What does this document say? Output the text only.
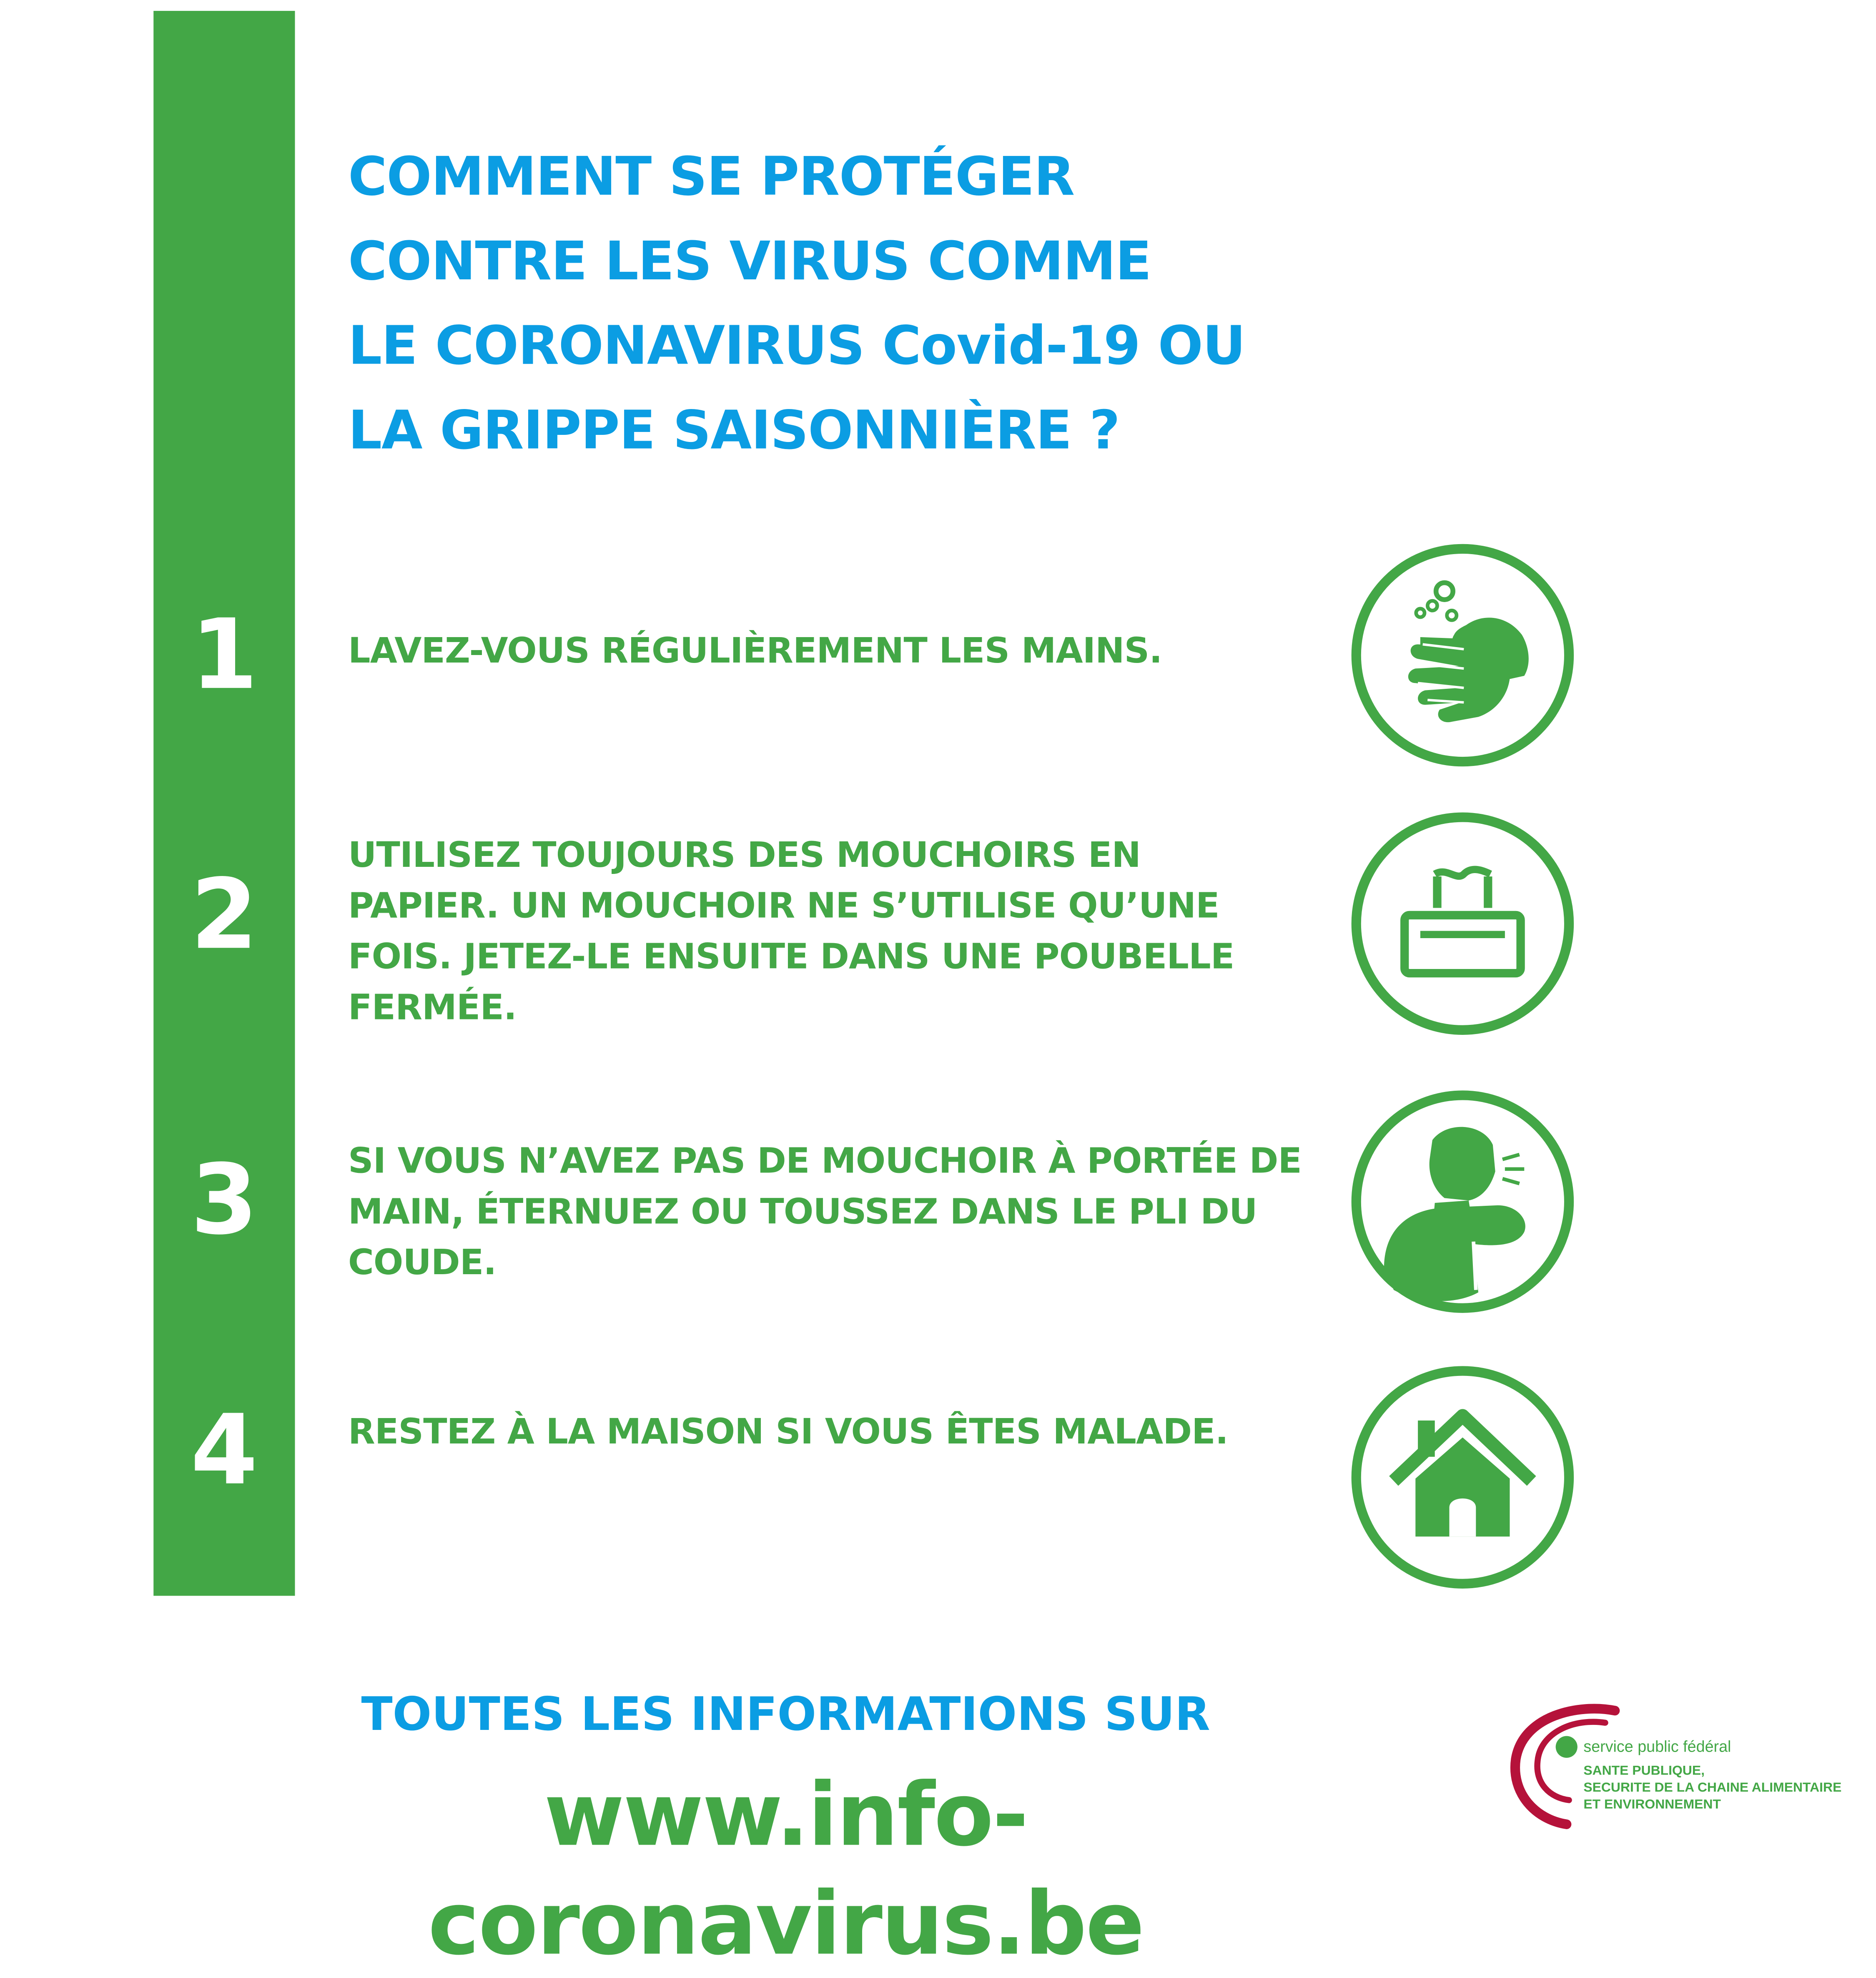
1
2
3
4
COMMENT SE PROTÉGER
CONTRE LES VIRUS COMME
LE CORONAVIRUS Covid-19 OU
LA GRIPPE SAISONNIÈRE ?

LAVEZ-VOUS RÉGULIÈREMENT LES MAINS.

UTILISEZ TOUJOURS DES MOUCHOIRS EN PAPIER. UN MOUCHOIR NE S’UTILISE QU’UNE FOIS. JETEZ-LE ENSUITE DANS UNE POUBELLE FERMÉE.

SI VOUS N’AVEZ PAS DE MOUCHOIR À PORTÉE DE MAIN, ÉTERNUEZ OU TOUSSEZ DANS LE PLI DU COUDE.

RESTEZ À LA MAISON SI VOUS ÊTES MALADE.

TOUTES LES INFORMATIONS SUR
www.info-coronavirus.be
service public fédéral

SANTE PUBLIQUE,
SECURITE DE LA CHAINE ALIMENTAIRE
ET ENVIRONNEMENT
